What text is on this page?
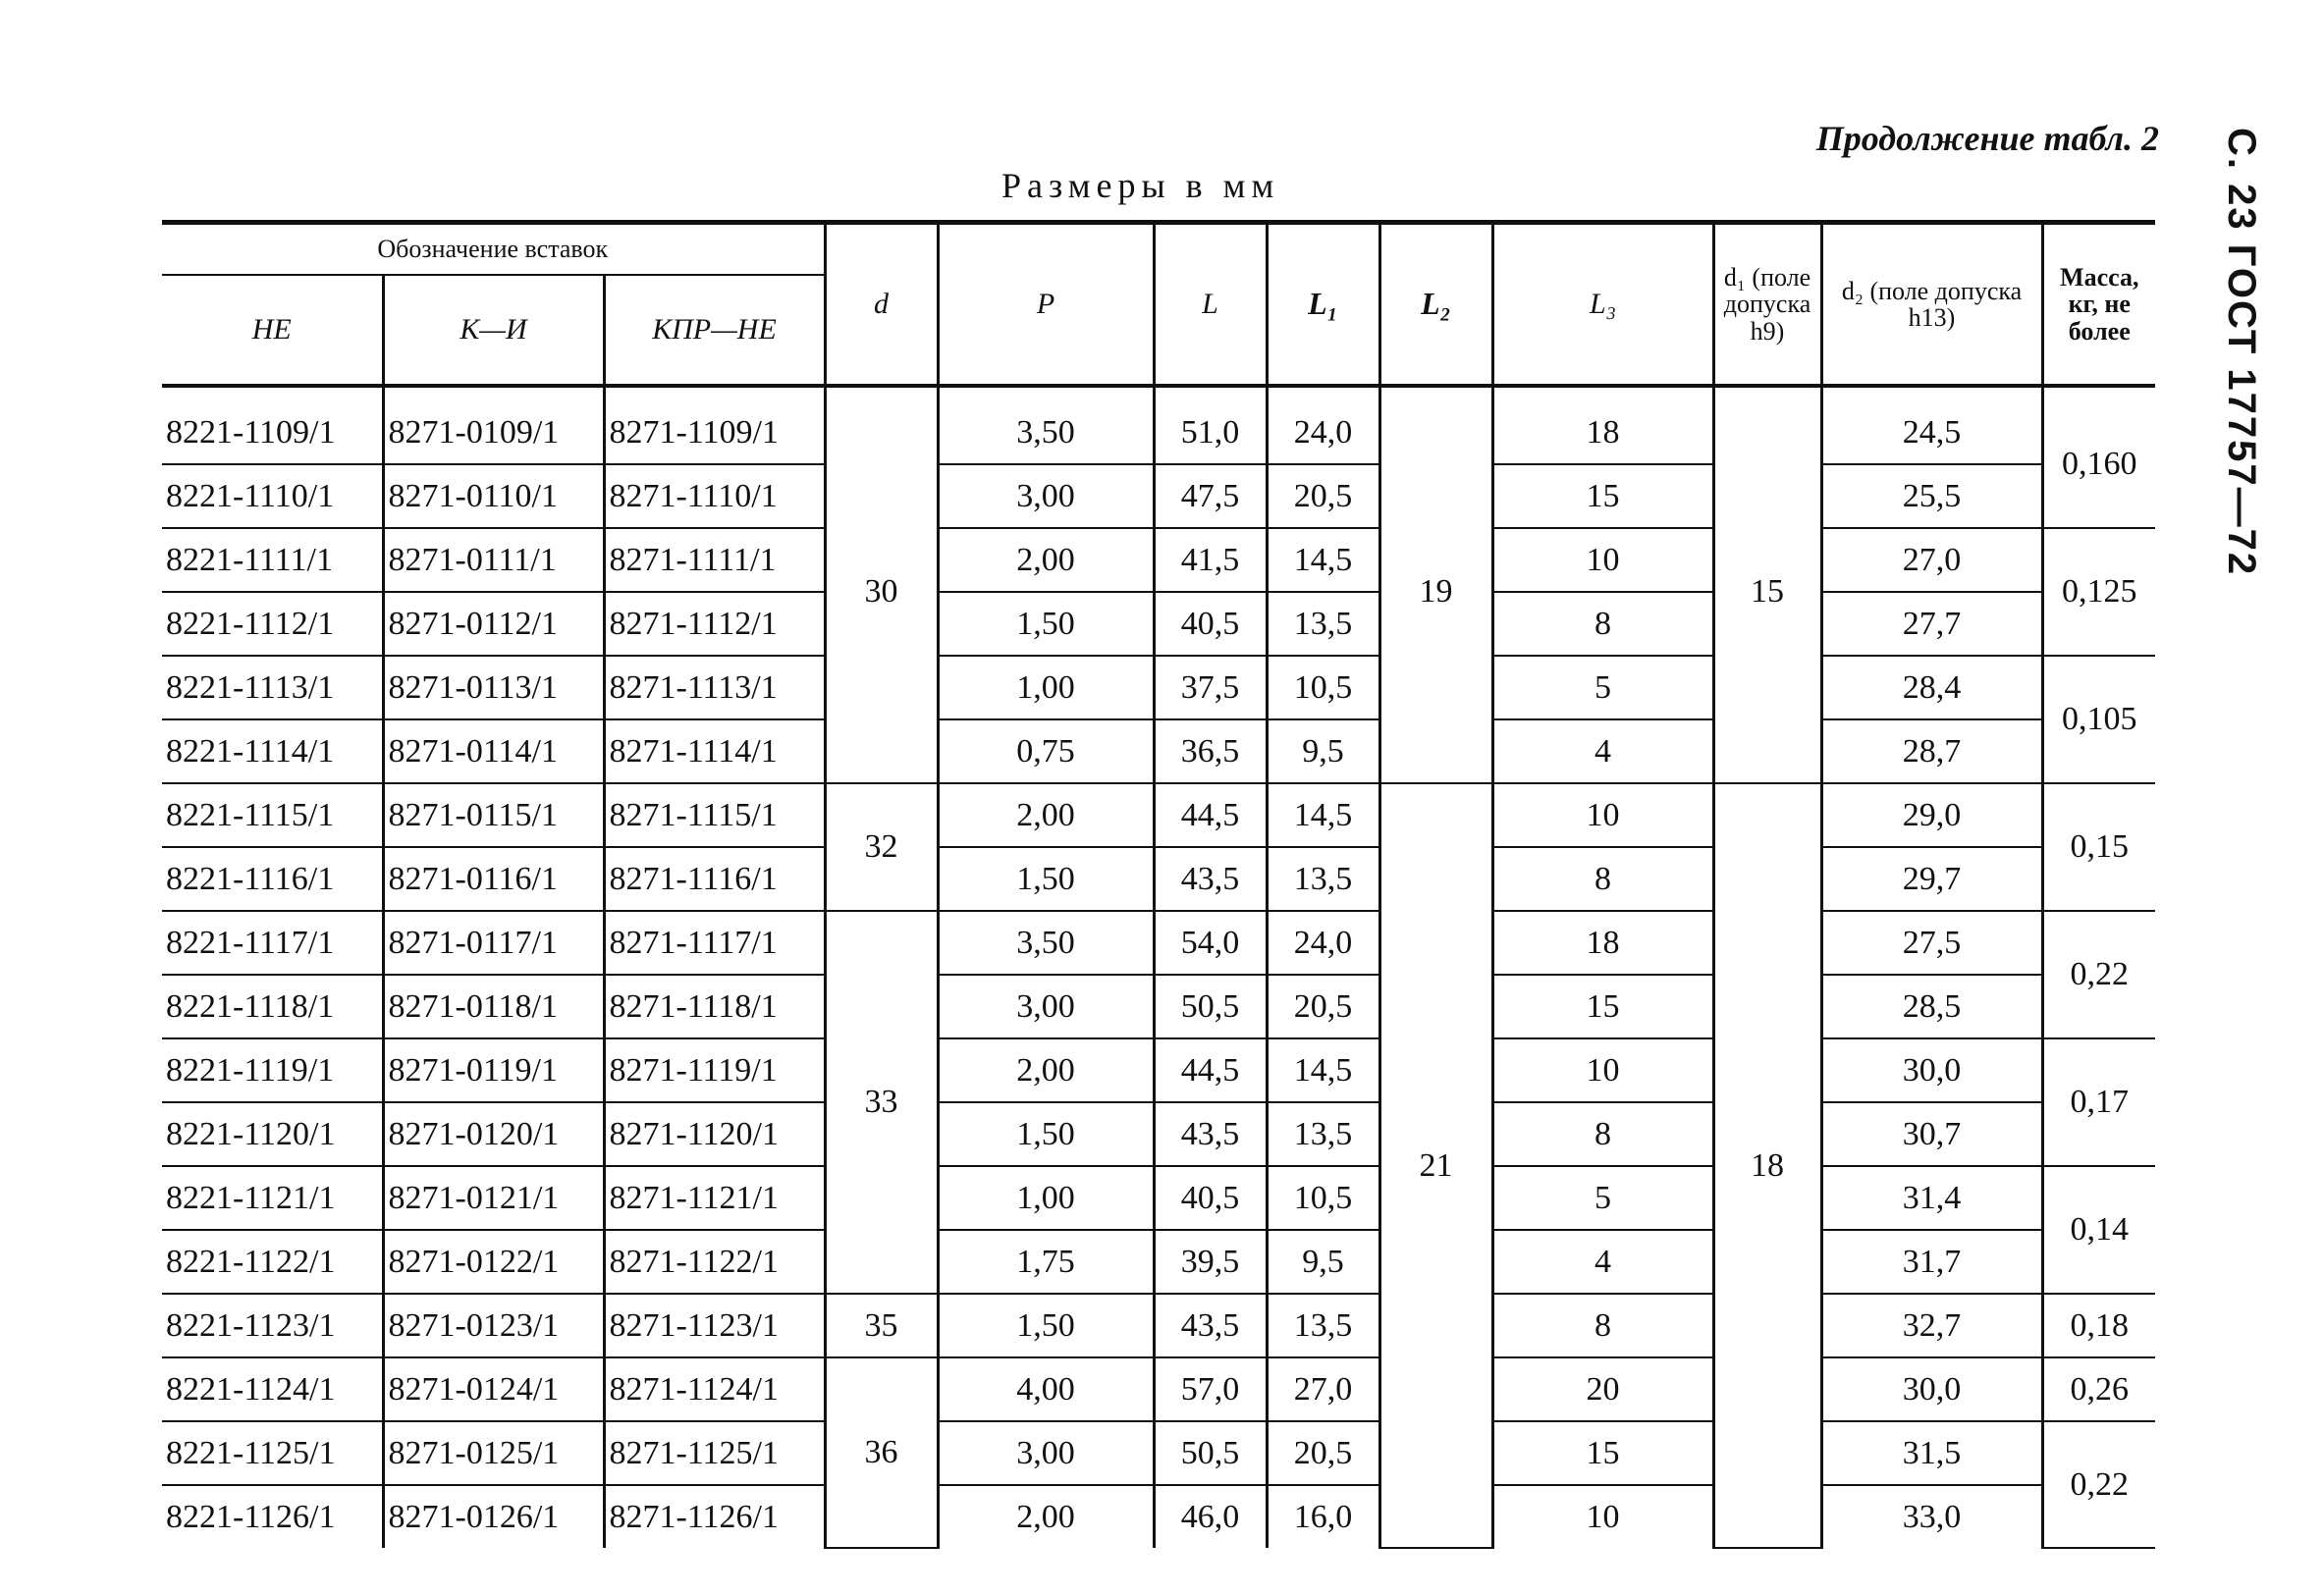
Продолжение табл. 2
Размеры в мм	С. 23 ГОСТ 17757—72
Обозначение вставок			d	P	L	L₁	L₂	L₃	d₁ (поле допуска h9)	d₂ (поле допуска h13)	Масса, кг, не более
НЕ	К—И	КПР—НЕ									
8221-1109/1	8271-0109/1	8271-1109/1	30	3,50	51,0	24,0	19	18	15	24,5	0,160
8221-1110/1	8271-0110/1	8271-1110/1		3,00	47,5	20,5		15		25,5	
8221-1111/1	8271-0111/1	8271-1111/1		2,00	41,5	14,5		10		27,0	0,125
8221-1112/1	8271-0112/1	8271-1112/1		1,50	40,5	13,5		8		27,7	
8221-1113/1	8271-0113/1	8271-1113/1		1,00	37,5	10,5		5		28,4	0,105
8221-1114/1	8271-0114/1	8271-1114/1		0,75	36,5	9,5		4		28,7	
8221-1115/1	8271-0115/1	8271-1115/1	32	2,00	44,5	14,5	21	10	18	29,0	0,15
8221-1116/1	8271-0116/1	8271-1116/1		1,50	43,5	13,5		8		29,7	
8221-1117/1	8271-0117/1	8271-1117/1	33	3,50	54,0	24,0		18		27,5	0,22
8221-1118/1	8271-0118/1	8271-1118/1		3,00	50,5	20,5		15		28,5	
8221-1119/1	8271-0119/1	8271-1119/1		2,00	44,5	14,5		10		30,0	0,17
8221-1120/1	8271-0120/1	8271-1120/1		1,50	43,5	13,5		8		30,7	
8221-1121/1	8271-0121/1	8271-1121/1		1,00	40,5	10,5		5		31,4	0,14
8221-1122/1	8271-0122/1	8271-1122/1		1,75	39,5	9,5		4		31,7	
8221-1123/1	8271-0123/1	8271-1123/1	35	1,50	43,5	13,5		8		32,7	0,18
8221-1124/1	8271-0124/1	8271-1124/1	36	4,00	57,0	27,0		20		30,0	0,26
8221-1125/1	8271-0125/1	8271-1125/1		3,00	50,5	20,5		15		31,5	0,22
8221-1126/1	8271-0126/1	8271-1126/1		2,00	46,0	16,0		10		33,0	
